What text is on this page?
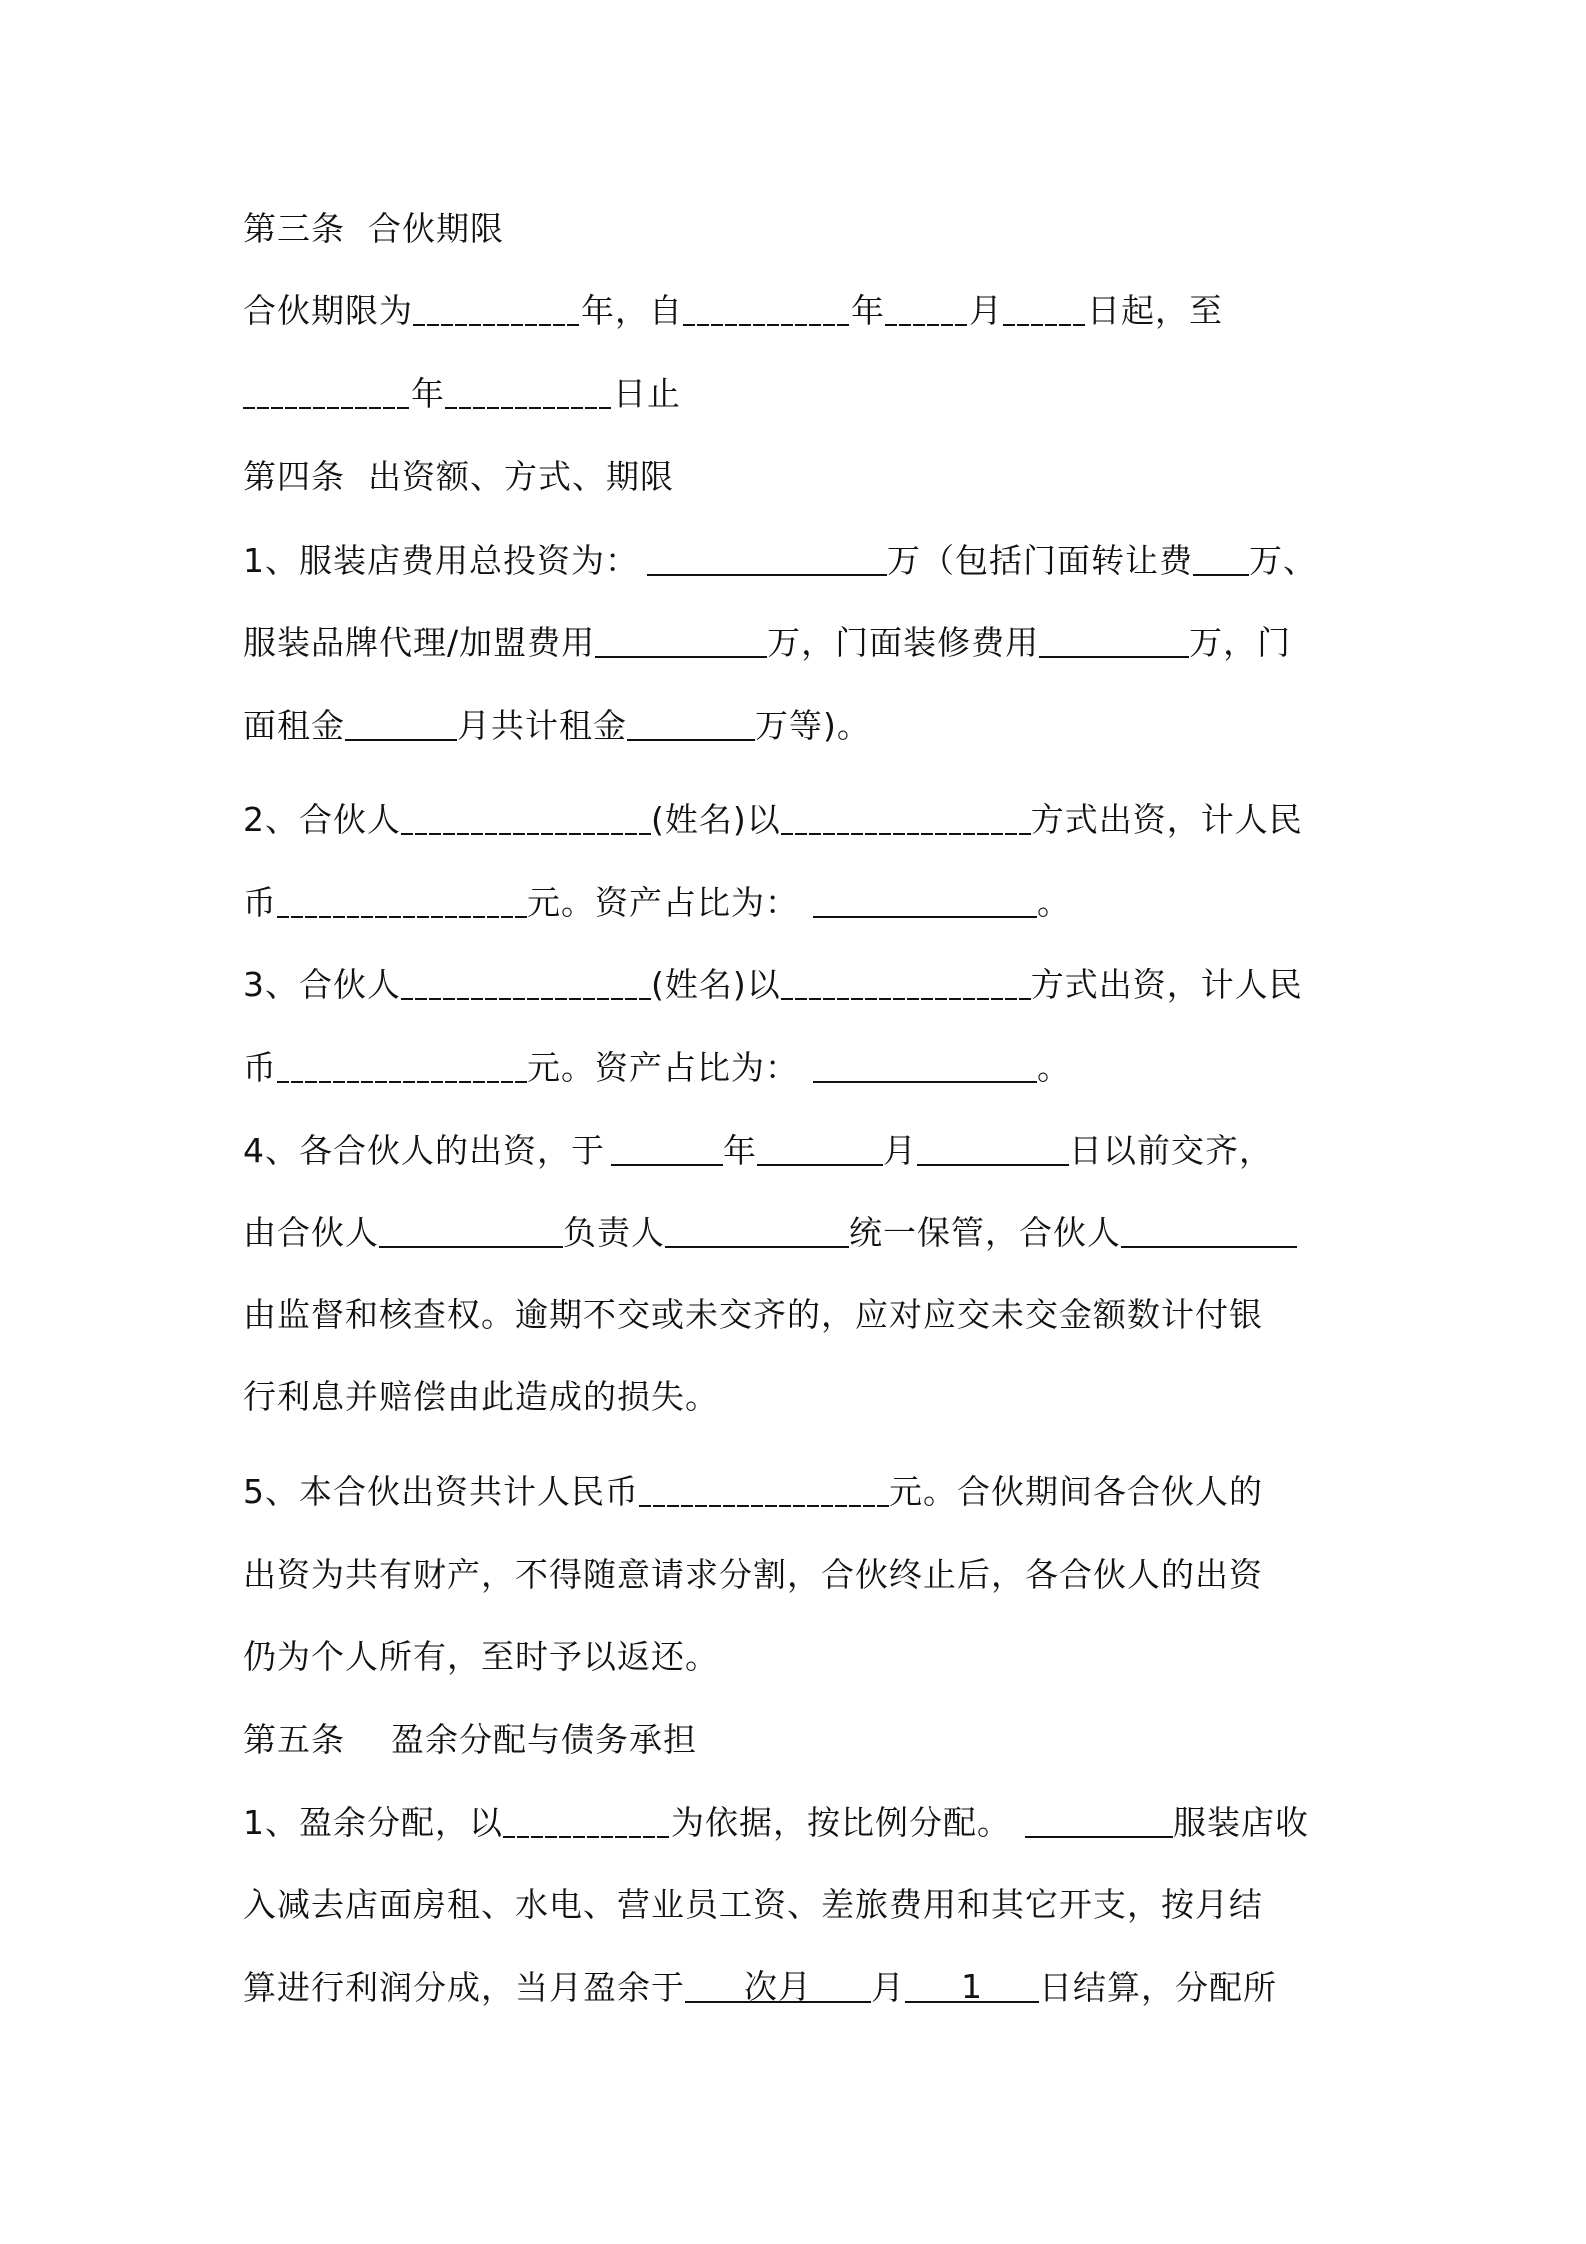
第三条  合伙期限
合伙期限为	年，自	年	月	日起，至
年	日止
第四条  出资额、方式、期限
1、服装店费用总投资为：	万（包括门面转让费 万、
服装品牌代理/加盟费用	万，门面装修费用	万，门
面租金	月共计租金	万等)。
2、合伙人	(姓名)以	方式出资，计人民
币	元。资产占比为：	。
3、合伙人	(姓名)以	方式出资，计人民
币	元。资产占比为：	。
4、各合伙人的出资，于	年	月	日以前交齐，
由合伙人	负责人	统一保管，合伙人
由监督和核查权。逾期不交或未交齐的，应对应交未交金额数计付银
行利息并赔偿由此造成的损失。
5、本合伙出资共计人民币	元。合伙期间各合伙人的
出资为共有财产，不得随意请求分割，合伙终止后，各合伙人的出资
仍为个人所有，至时予以返还。
第五条    盈余分配与债务承担
1、盈余分配，以	为依据，按比例分配。	服装店收
入减去店面房租、水电、营业员工资、差旅费用和其它开支，按月结
算进行利润分成，当月盈余于	次月	月	1	日结算，分配所
